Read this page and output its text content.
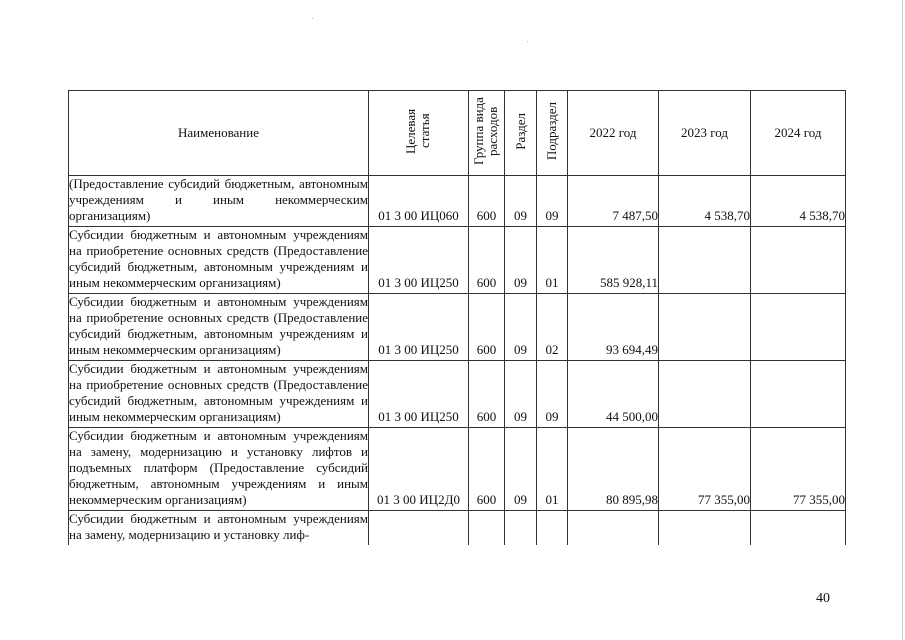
Наименование	Целевая статья	Группа вида расходов	Раздел	Подраздел	2022 год	2023 год	2024 год
(Предоставление субсидий бюджетным, автономным учреждениям и иным некоммерческим организациям)	01 3 00 ИЦ060	600	09	09	7 487,50	4 538,70	4 538,70
Субсидии бюджетным и автономным учреждениям на приобретение основных средств (Предоставление субсидий бюджетным, автономным учреждениям и иным некоммерческим организациям)	01 3 00 ИЦ250	600	09	01	585 928,11		
Субсидии бюджетным и автономным учреждениям на приобретение основных средств (Предоставление субсидий бюджетным, автономным учреждениям и иным некоммерческим организациям)	01 3 00 ИЦ250	600	09	02	93 694,49		
Субсидии бюджетным и автономным учреждениям на приобретение основных средств (Предоставление субсидий бюджетным, автономным учреждениям и иным некоммерческим организациям)	01 3 00 ИЦ250	600	09	09	44 500,00		
Субсидии бюджетным и автономным учреждениям на замену, модернизацию и установку лифтов и подъемных платформ (Предоставление субсидий бюджетным, автономным учреждениям и иным некоммерческим организациям)	01 3 00 ИЦ2Д0	600	09	01	80 895,98	77 355,00	77 355,00
Субсидии бюджетным и автономным учреждениям на замену, модернизацию и установку лиф-							
40
